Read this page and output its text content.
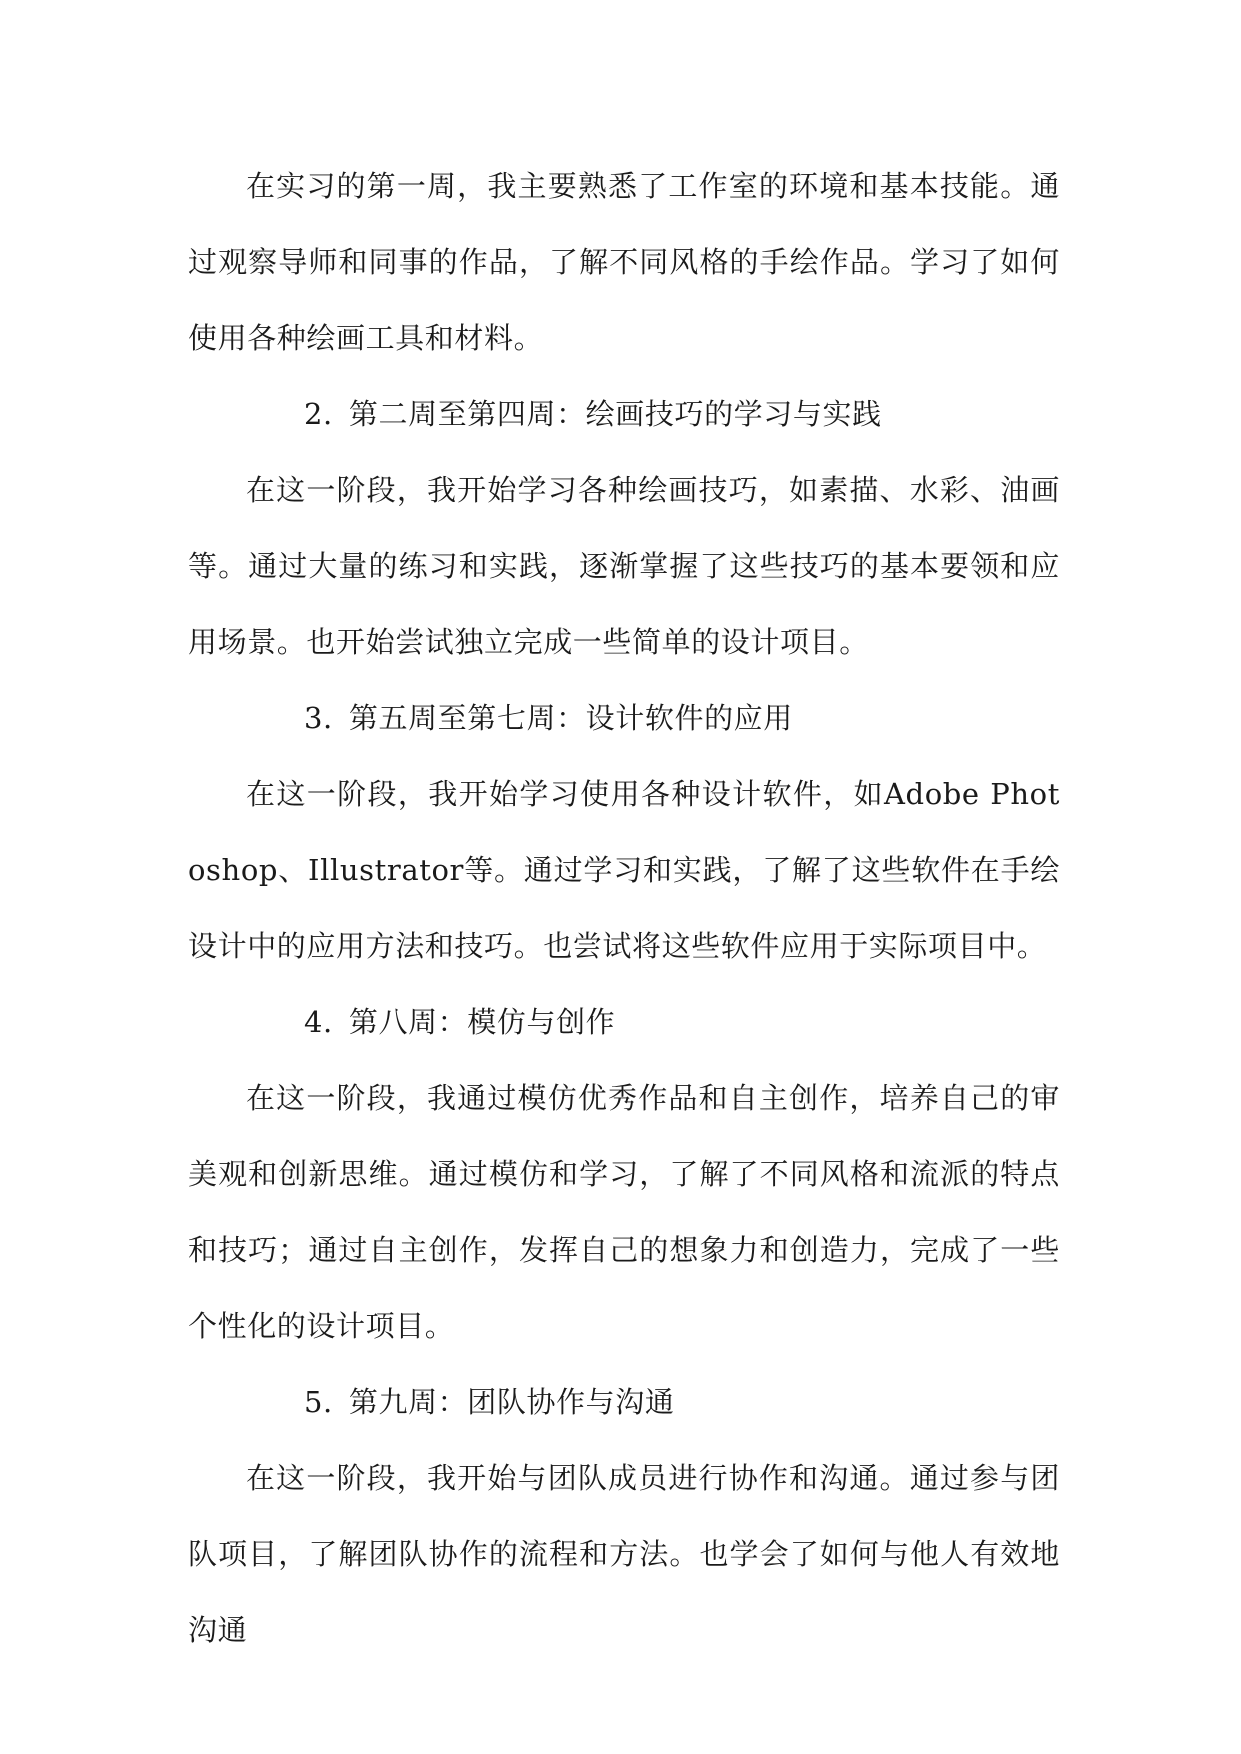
在实习的第一周，我主要熟悉了工作室的环境和基本技能。通过观察导师和同事的作品，了解不同风格的手绘作品。学习了如何使用各种绘画工具和材料。

2. 第二周至第四周：绘画技巧的学习与实践

在这一阶段，我开始学习各种绘画技巧，如素描、水彩、油画等。通过大量的练习和实践，逐渐掌握了这些技巧的基本要领和应用场景。也开始尝试独立完成一些简单的设计项目。

3. 第五周至第七周：设计软件的应用

在这一阶段，我开始学习使用各种设计软件，如Adobe Photoshop、Illustrator等。通过学习和实践，了解了这些软件在手绘设计中的应用方法和技巧。也尝试将这些软件应用于实际项目中。

4. 第八周：模仿与创作

在这一阶段，我通过模仿优秀作品和自主创作，培养自己的审美观和创新思维。通过模仿和学习，了解了不同风格和流派的特点和技巧；通过自主创作，发挥自己的想象力和创造力，完成了一些个性化的设计项目。

5. 第九周：团队协作与沟通

在这一阶段，我开始与团队成员进行协作和沟通。通过参与团队项目，了解团队协作的流程和方法。也学会了如何与他人有效地沟通
